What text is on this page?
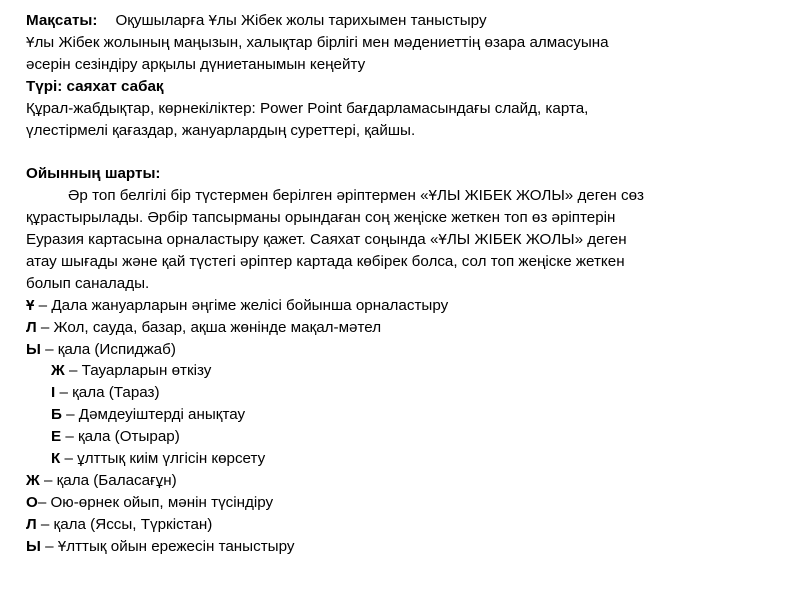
Мақсаты: Оқушыларға Ұлы Жібек жолы тарихымен таныстыру

Ұлы Жібек жолының маңызын, халықтар бірлігі мен мәдениеттің өзара алмасуына

әсерін сезіндіру арқылы дүниетанымын кеңейту

Түрі: саяхат сабақ

Құрал-жабдықтар, көрнекіліктер: Power Point бағдарламасындағы слайд, карта,

үлестірмелі қағаздар, жануарлардың суреттері, қайшы.

Ойынның шарты:

Әр топ белгілі бір түстермен берілген әріптермен «ҰЛЫ ЖІБЕК ЖОЛЫ» деген сөз

құрастырылады. Әрбір тапсырманы орындаған соң жеңіске жеткен топ өз әріптерін

Еуразия картасына орналастыру қажет. Саяхат соңында «ҰЛЫ ЖІБЕК ЖОЛЫ» деген

атау шығады және қай түстегі әріптер картада көбірек болса, сол топ жеңіске жеткен

болып саналады.

Ұ – Дала жануарларын әңгіме желісі бойынша орналастыру

Л – Жол, сауда, базар, ақша жөнінде мақал-мәтел

Ы – қала (Испиджаб)

Ж – Тауарларын өткізу

І – қала (Тараз)

Б – Дәмдеуіштерді анықтау

Е – қала (Отырар)

К – ұлттық киім үлгісін көрсету

Ж – қала (Баласағұн)

О– Ою-өрнек ойып, мәнін түсіндіру

Л – қала (Яссы, Түркістан)

Ы – Ұлттық ойын ережесін таныстыру
